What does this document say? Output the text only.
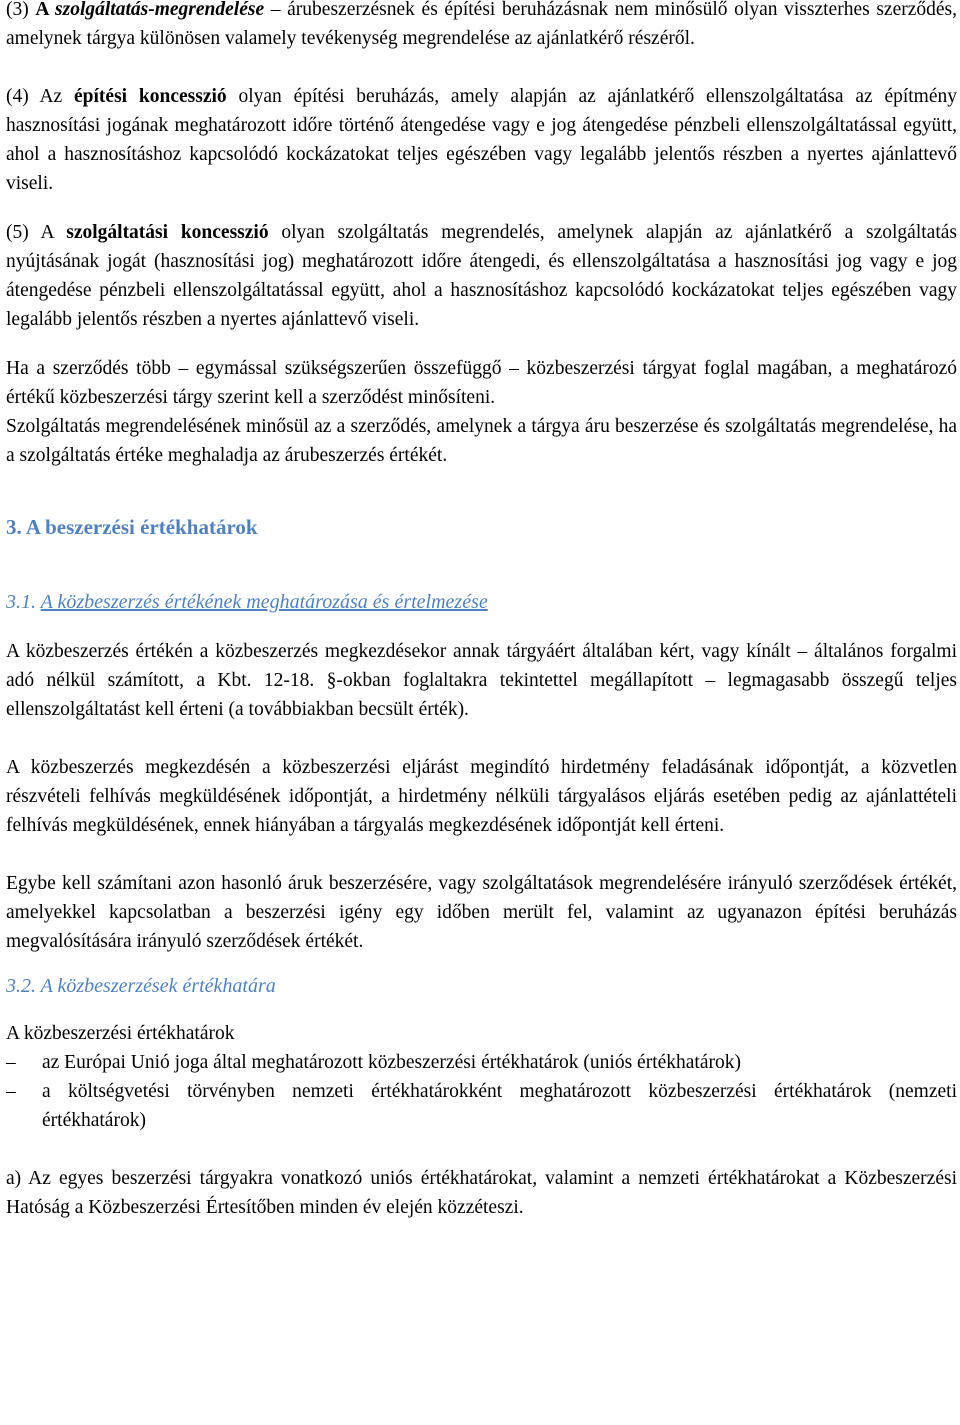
(3) A szolgáltatás-megrendelése – árubeszerzésnek és építési beruházásnak nem minősülő olyan visszterhes szerződés, amelynek tárgya különösen valamely tevékenység megrendelése az ajánlatkérő részéről.

(4) Az építési koncesszió olyan építési beruházás, amely alapján az ajánlatkérő ellenszolgáltatása az építmény hasznosítási jogának meghatározott időre történő átengedése vagy e jog átengedése pénzbeli ellenszolgáltatással együtt, ahol a hasznosításhoz kapcsolódó kockázatokat teljes egészében vagy legalább jelentős részben a nyertes ajánlattevő viseli.

(5) A szolgáltatási koncesszió olyan szolgáltatás megrendelés, amelynek alapján az ajánlatkérő a szolgáltatás nyújtásának jogát (hasznosítási jog) meghatározott időre átengedi, és ellenszolgáltatása a hasznosítási jog vagy e jog átengedése pénzbeli ellenszolgáltatással együtt, ahol a hasznosításhoz kapcsolódó kockázatokat teljes egészében vagy legalább jelentős részben a nyertes ajánlattevő viseli.

Ha a szerződés több – egymással szükségszerűen összefüggő – közbeszerzési tárgyat foglal magában, a meghatározó értékű közbeszerzési tárgy szerint kell a szerződést minősíteni.

Szolgáltatás megrendelésének minősül az a szerződés, amelynek a tárgya áru beszerzése és szolgáltatás megrendelése, ha a szolgáltatás értéke meghaladja az árubeszerzés értékét.

3. A beszerzési értékhatárok

3.1. A közbeszerzés értékének meghatározása és értelmezése

A közbeszerzés értékén a közbeszerzés megkezdésekor annak tárgyáért általában kért, vagy kínált – általános forgalmi adó nélkül számított, a Kbt. 12-18. §-okban foglaltakra tekintettel megállapított – legmagasabb összegű teljes ellenszolgáltatást kell érteni (a továbbiakban becsült érték).

A közbeszerzés megkezdésén a közbeszerzési eljárást megindító hirdetmény feladásának időpontját, a közvetlen részvételi felhívás megküldésének időpontját, a hirdetmény nélküli tárgyalásos eljárás esetében pedig az ajánlattételi felhívás megküldésének, ennek hiányában a tárgyalás megkezdésének időpontját kell érteni.

Egybe kell számítani azon hasonló áruk beszerzésére, vagy szolgáltatások megrendelésére irányuló szerződések értékét, amelyekkel kapcsolatban a beszerzési igény egy időben merült fel, valamint az ugyanazon építési beruházás megvalósítására irányuló szerződések értékét.

3.2. A közbeszerzések értékhatára

A közbeszerzési értékhatárok

– az Európai Unió joga által meghatározott közbeszerzési értékhatárok (uniós értékhatárok)
– a költségvetési törvényben nemzeti értékhatárokként meghatározott közbeszerzési értékhatárok (nemzeti értékhatárok)

a) Az egyes beszerzési tárgyakra vonatkozó uniós értékhatárokat, valamint a nemzeti értékhatárokat a Közbeszerzési Hatóság a Közbeszerzési Értesítőben minden év elején közzéteszi.
